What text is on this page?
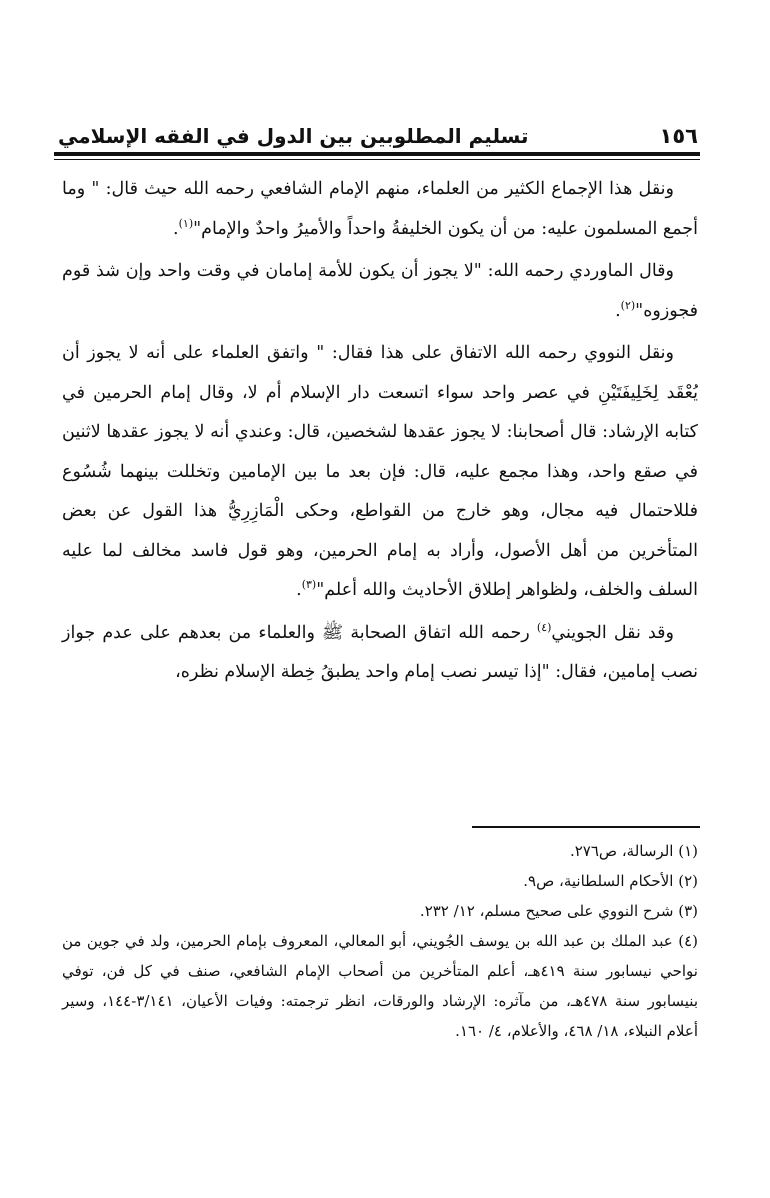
١٥٦
تسليم المطلوبين بين الدول في الفقه الإسلامي

ونقل هذا الإجماع الكثير من العلماء، منهم الإمام الشافعي رحمه الله حيث قال: " وما أجمع المسلمون عليه: من أن يكون الخليفةُ واحداً والأميرُ واحدٌ والإمام"$^{(١)}$.

وقال الماوردي رحمه الله: "لا يجوز أن يكون للأمة إمامان في وقت واحد وإن شذ قوم فجوزوه"$^{(٢)}$.

ونقل النووي رحمه الله الاتفاق على هذا فقال: " واتفق العلماء على أنه لا يجوز أن يُعْقَد لِخَلِيفَتَيْنِ في عصر واحد سواء اتسعت دار الإسلام أم لا، وقال إمام الحرمين في كتابه الإرشاد: قال أصحابنا: لا يجوز عقدها لشخصين، قال: وعندي أنه لا يجوز عقدها لاثنين في صقع واحد، وهذا مجمع عليه، قال: فإن بعد ما بين الإمامين وتخللت بينهما شُسُوع فللاحتمال فيه مجال، وهو خارج من القواطع، وحكى الْمَازِرِيُّ هذا القول عن بعض المتأخرين من أهل الأصول، وأراد به إمام الحرمين، وهو قول فاسد مخالف لما عليه السلف والخلف، ولظواهر إطلاق الأحاديث والله أعلم"$^{(٣)}$.

وقد نقل الجويني$^{(٤)}$ رحمه الله اتفاق الصحابة ﷺ والعلماء من بعدهم على عدم جواز نصب إمامين، فقال: "إذا تيسر نصب إمام واحد يطبقُ خِطة الإسلام نظره،

(١) الرسالة، ص٢٧٦.

(٢) الأحكام السلطانية، ص٩.

(٣) شرح النووي على صحيح مسلم، ١٢/ ٢٣٢.

(٤) عبد الملك بن عبد الله بن يوسف الجُويني، أبو المعالي، المعروف بإمام الحرمين، ولد في جوين من نواحي نيسابور سنة ٤١٩هـ، أعلم المتأخرين من أصحاب الإمام الشافعي، صنف في كل فن، توفي بنيسابور سنة ٤٧٨هـ، من مآثره: الإرشاد والورقات، انظر ترجمته: وفيات الأعيان، ٣/١٤١-١٤٤، وسير أعلام النبلاء، ١٨/ ٤٦٨، والأعلام، ٤/ ١٦٠.
